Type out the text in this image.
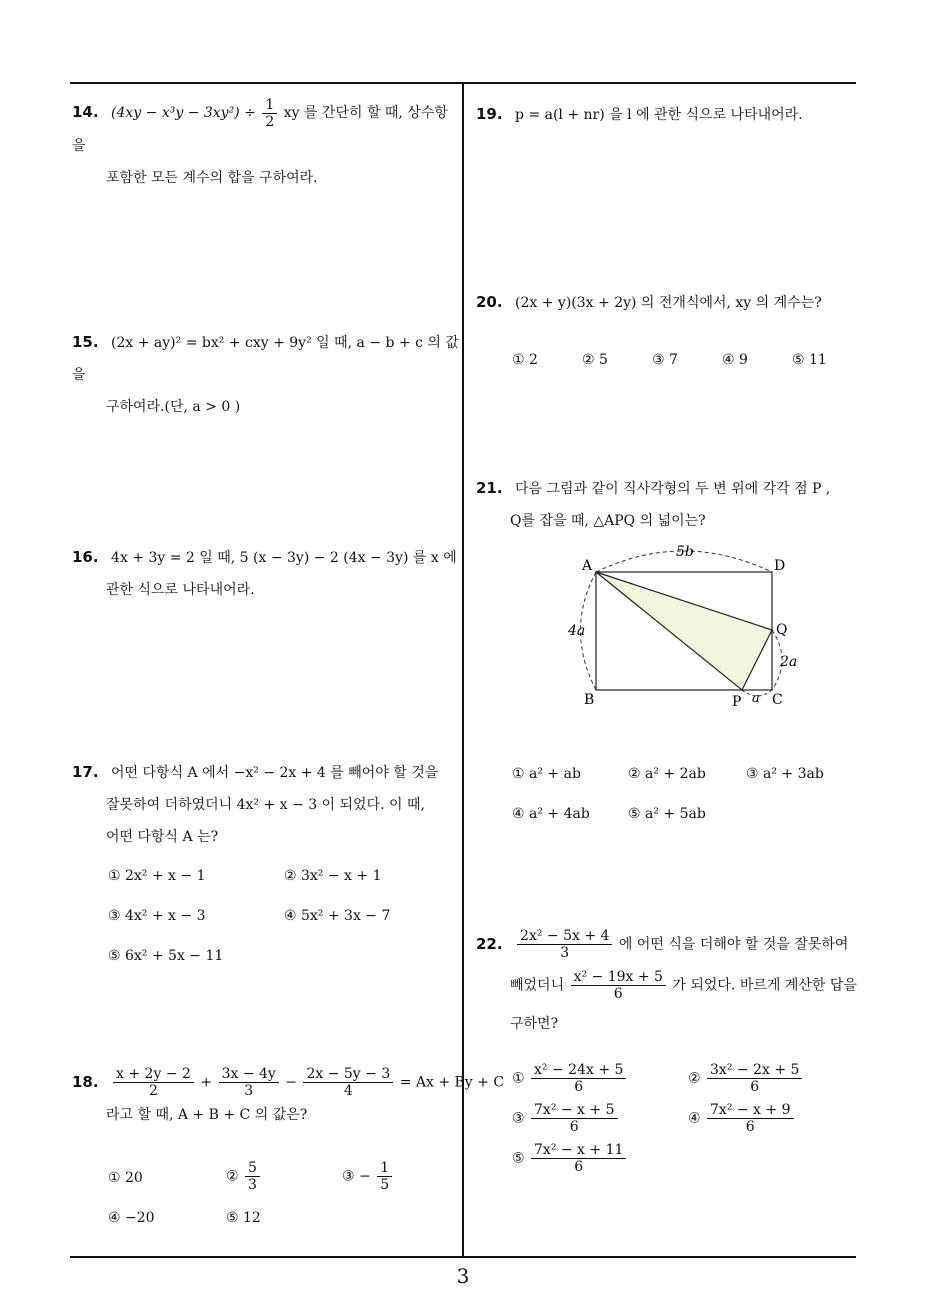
14. $(4xy - x^3y - 3xy^2) \div \frac{1}{2}$ xy 를 간단히 할 때, 상수항을
포함한 모든 계수의 합을 구하여라.
15. (2x + ay)² = bx² + cxy + 9y² 일 때, a − b + c 의 값을
구하여라.(단, a > 0 )
16. 4x + 3y = 2 일 때, 5 (x − 3y) − 2 (4x − 3y) 를 x 에
관한 식으로 나타내어라.
17. 어떤 다항식 A 에서 −x² − 2x + 4 를 빼어야 할 것을
잘못하여 더하였더니 4x² + x − 3 이 되었다. 이 때,
어떤 다항식 A 는?
① 2x² + x − 1	② 3x² − x + 1
③ 4x² + x − 3	④ 5x² + 3x − 7
⑤ 6x² + 5x − 11
18. $\frac{x + 2y - 2}{2} + \frac{3x - 4y}{3} - \frac{2x - 5y - 3}{4} = Ax + By + C$
라고 할 때, A + B + C 의 값은?
① 20	② $\frac{5}{3}$	③ − $\frac{1}{5}$
④ −20	⑤ 12
19. p = a(l + nr) 을 l 에 관한 식으로 나타내어라.
20. (2x + y)(3x + 2y) 의 전개식에서, xy 의 계수는?
① 2	② 5	③ 7	④ 9	⑤ 11
21. 다음 그림과 같이 직사각형의 두 변 위에 각각 점 P ,
Q를 잡을 때, △APQ 의 넓이는?
A	D
B	C
P
Q
5b
4a
2a
a
① a² + ab	② a² + 2ab	③ a² + 3ab
④ a² + 4ab	⑤ a² + 5ab
22. $\frac{\text{2x² − 5x + 4}}{3}$ 에 어떤 식을 더해야 할 것을 잘못하여
빼었더니 $\frac{\text{x² − 19x + 5}}{6}$ 가 되었다. 바르게 계산한 답을
구하면?
① $\frac{\text{x² − 24x + 5}}{6}$	② $\frac{\text{3x² − 2x + 5}}{6}$
③ $\frac{\text{7x² − x + 5}}{6}$	④ $\frac{\text{7x² − x + 9}}{6}$
⑤ $\frac{\text{7x² − x + 11}}{6}$
3
